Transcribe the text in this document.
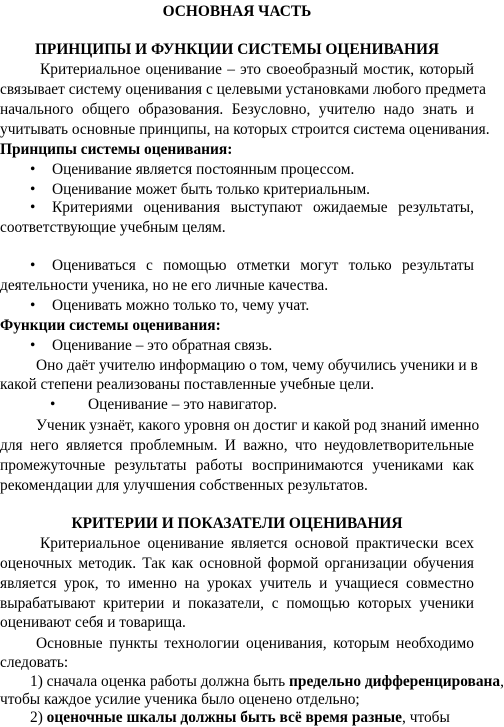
ОСНОВНАЯ ЧАСТЬ
ПРИНЦИПЫ И ФУНКЦИИ СИСТЕМЫ ОЦЕНИВАНИЯ
Критериальное оценивание – это своеобразный мостик, который
связывает систему оценивания с целевыми установками любого предмета
начального общего образования. Безусловно, учителю надо знать и
учитывать основные принципы, на которых строится система оценивания.
Принципы системы оценивания:
• Оценивание является постоянным процессом.
• Оценивание может быть только критериальным.
• Критериями оценивания выступают ожидаемые результаты,
соответствующие учебным целям.
• Оцениваться с помощью отметки могут только результаты
деятельности ученика, но не его личные качества.
• Оценивать можно только то, чему учат.
Функции системы оценивания:
• Оценивание – это обратная связь.
Оно даёт учителю информацию о том, чему обучились ученики и в
какой степени реализованы поставленные учебные цели.
• Оценивание – это навигатор.
Ученик узнаёт, какого уровня он достиг и какой род знаний именно
для него является проблемным. И важно, что неудовлетворительные
промежуточные результаты работы воспринимаются учениками как
рекомендации для улучшения собственных результатов.
КРИТЕРИИ И ПОКАЗАТЕЛИ ОЦЕНИВАНИЯ
Критериальное оценивание является основой практически всех
оценочных методик. Так как основной формой организации обучения
является урок, то именно на уроках учитель и учащиеся совместно
вырабатывают критерии и показатели, с помощью которых ученики
оценивают себя и товарища.
Основные пункты технологии оценивания, которым необходимо
следовать:
1) сначала оценка работы должна быть предельно дифференцирована,
чтобы каждое усилие ученика было оценено отдельно;
2) оценочные шкалы должны быть всё время разные, чтобы
